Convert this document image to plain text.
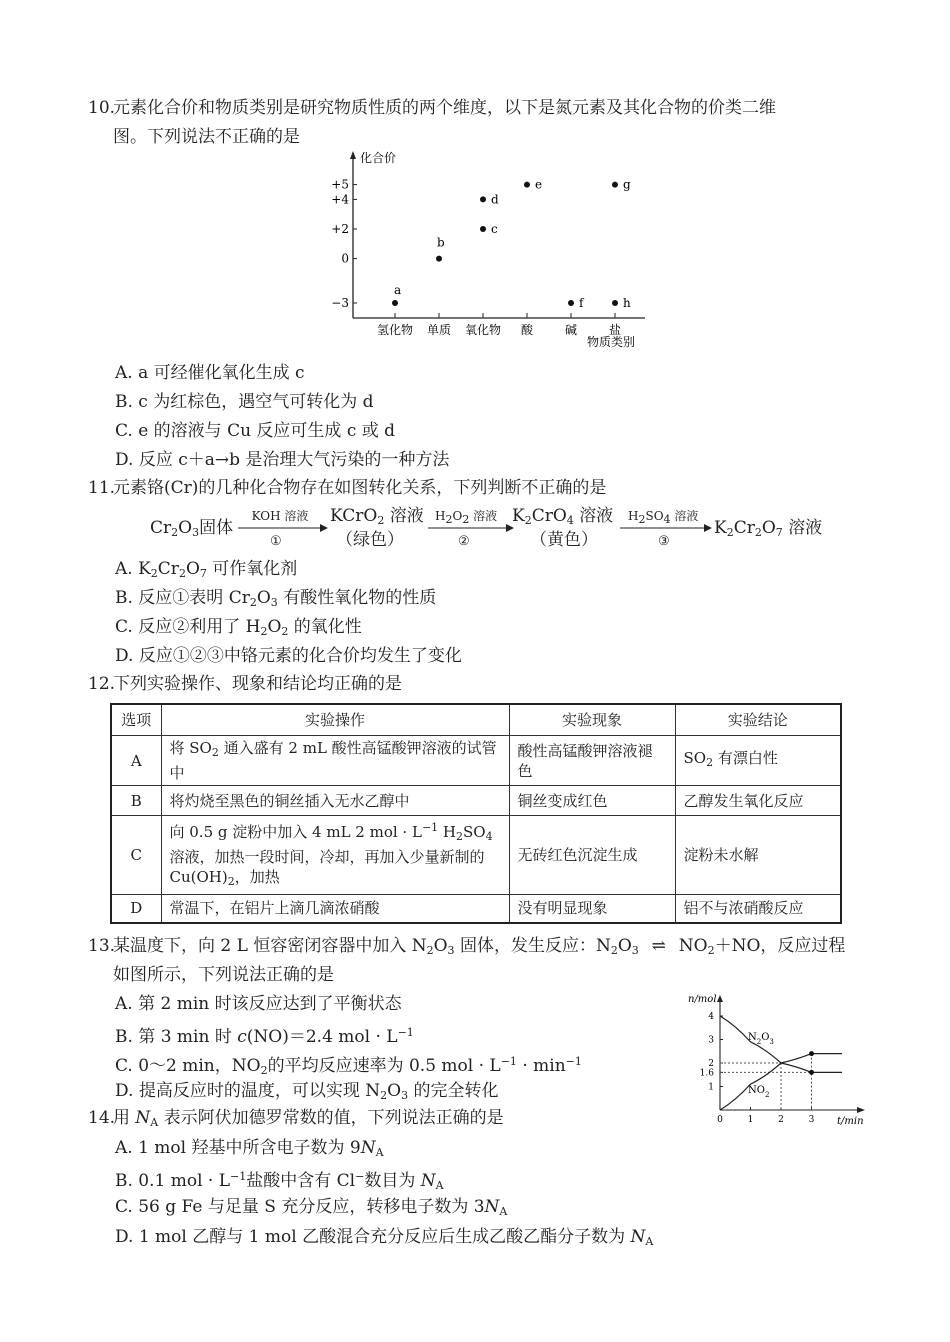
10.
元素化合价和物质类别是研究物质性质的两个维度，以下是氮元素及其化合物的价类二维
图。下列说法不正确的是
化合价
物质类别
+5
+4
+2
0
−3
氢化物 单质 氧化物 酸	碱	盐
a
b
c
d
e
f
g
h
A. a 可经催化氧化生成 c
B. c 为红棕色，遇空气可转化为 d
C. e 的溶液与 Cu 反应可生成 c 或 d
D. 反应 c＋a→b 是治理大气污染的一种方法
11.
元素铬(Cr)的几种化合物存在如图转化关系，下列判断不正确的是
$Cr_2O_3$固体
KOH 溶液
①
KCrO$_2$ 溶液
（绿色）
$H_2O_2$ 溶液
②
$K_2CrO_4$ 溶液
（黄色）
$H_2SO_4$ 溶液
③
$K_2Cr_2O_7$ 溶液
A. $K_2Cr_2O_7$ 可作氧化剂
B. 反应①表明 $Cr_2O_3$ 有酸性氧化物的性质
C. 反应②利用了 $H_2O_2$ 的氧化性
D. 反应①②③中铬元素的化合价均发生了变化
12.
下列实验操作、现象和结论均正确的是
选项	实验操作	实验现象	实验结论
A	将 $SO_2$ 通入盛有 2 mL 酸性高锰酸钾溶液的试管中	酸性高锰酸钾溶液褪色	$SO_2$ 有漂白性
B	将灼烧至黑色的铜丝插入无水乙醇中	铜丝变成红色	乙醇发生氧化反应
C	向 0.5 g 淀粉中加入 4 mL 2 mol · $L^{-1}$ $H_2SO_4$ 溶液，加热一段时间，冷却，再加入少量新制的 $Cu(OH)_2$，加热	无砖红色沉淀生成	淀粉未水解
D	常温下，在铝片上滴几滴浓硝酸	没有明显现象	铝不与浓硝酸反应
13.
某温度下，向 2 L 恒容密闭容器中加入 $N_2O_3$ 固体，发生反应：$N_2O_3$ ⇌ $NO_2+NO$，反应过程
如图所示，下列说法正确的是
A. 第 2 min 时该反应达到了平衡状态
B. 第 3 min 时 c(NO)＝2.4 mol · $L^{-1}$
C. 0～2 min，$NO_2$的平均反应速率为 0.5 mol · $L^{-1} \cdot \min^{-1}$
D. 提高反应时的温度，可以实现 $N_2O_3$ 的完全转化
n/mol
t/min
4
3
2
1.6
1
0	1	2	3
$N_2O_3$
$NO_2$
14.
用 $N_A$ 表示阿伏加德罗常数的值，下列说法正确的是
A. 1 mol 羟基中所含电子数为 $9N_A$
B. 0.1 mol · $L^{-1}$盐酸中含有 Cl−数目为 $N_A$
C. 56 g Fe 与足量 S 充分反应，转移电子数为 $3N_A$
D. 1 mol 乙醇与 1 mol 乙酸混合充分反应后生成乙酸乙酯分子数为 $N_A$
